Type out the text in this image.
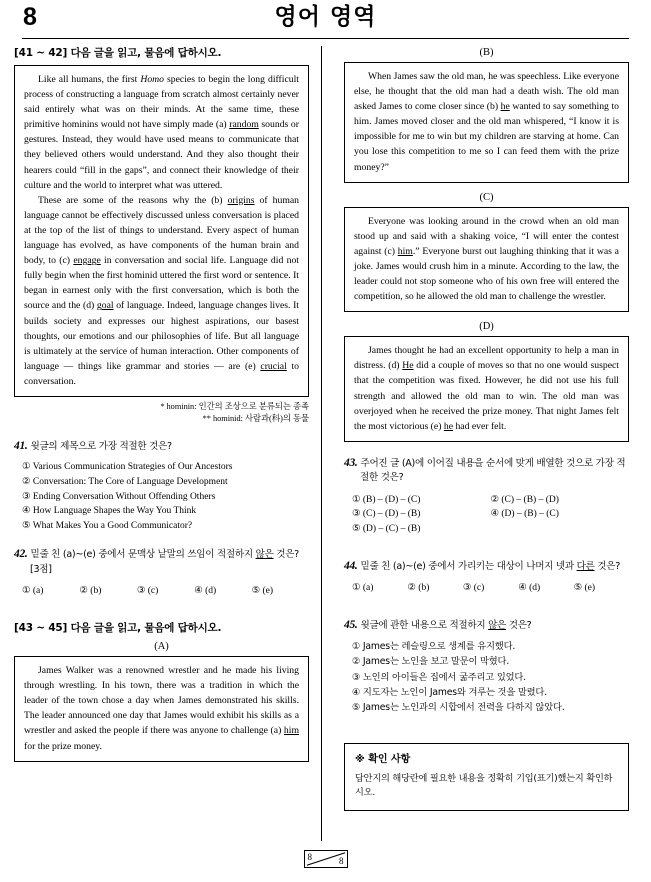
8	영어 영역
[41 ~ 42] 다음 글을 읽고, 물음에 답하시오.

Like all humans, the first Homo species to begin the long difficult process of constructing a language from scratch almost certainly never said entirely what was on their minds. At the same time, these primitive hominins would not have simply made (a) random sounds or gestures. Instead, they would have used means to communicate that they believed others would understand. And they also thought their hearers could “fill in the gaps”, and connect their knowledge of their culture and the world to interpret what was uttered.

These are some of the reasons why the (b) origins of human language cannot be effectively discussed unless conversation is placed at the top of the list of things to understand. Every aspect of human language has evolved, as have components of the human brain and body, to (c) engage in conversation and social life. Language did not fully begin when the first hominid uttered the first word or sentence. It began in earnest only with the first conversation, which is both the source and the (d) goal of language. Indeed, language changes lives. It builds society and expresses our highest aspirations, our basest thoughts, our emotions and our philosophies of life. But all language is ultimately at the service of human interaction. Other components of language — things like grammar and stories — are (e) crucial to conversation.

* hominin: 인간의 조상으로 분류되는 종족
** hominid: 사람과(科)의 동물
41. 윗글의 제목으로 가장 적절한 것은?
① Various Communication Strategies of Our Ancestors
② Conversation: The Core of Language Development
③ Ending Conversation Without Offending Others
④ How Language Shapes the Way You Think
⑤ What Makes You a Good Communicator?
42. 밑줄 친 (a)~(e) 중에서 문맥상 낱말의 쓰임이 적절하지 않은 것은? [3점]
① (a)	② (b)	③ (c)	④ (d)	⑤ (e)
[43 ~ 45] 다음 글을 읽고, 물음에 답하시오.
(A)

James Walker was a renowned wrestler and he made his living through wrestling. In his town, there was a tradition in which the leader of the town chose a day when James demonstrated his skills. The leader announced one day that James would exhibit his skills as a wrestler and asked the people if there was anyone to challenge (a) him for the prize money.

(B)

When James saw the old man, he was speechless. Like everyone else, he thought that the old man had a death wish. The old man asked James to come closer since (b) he wanted to say something to him. James moved closer and the old man whispered, “I know it is impossible for me to win but my children are starving at home. Can you lose this competition to me so I can feed them with the prize money?”

(C)

Everyone was looking around in the crowd when an old man stood up and said with a shaking voice, “I will enter the contest against (c) him.” Everyone burst out laughing thinking that it was a joke. James would crush him in a minute. According to the law, the leader could not stop someone who of his own free will entered the competition, so he allowed the old man to challenge the wrestler.

(D)

James thought he had an excellent opportunity to help a man in distress. (d) He did a couple of moves so that no one would suspect that the competition was fixed. However, he did not use his full strength and allowed the old man to win. The old man was overjoyed when he received the prize money. That night James felt the most victorious (e) he had ever felt.

43. 주어진 글 (A)에 이어질 내용을 순서에 맞게 배열한 것으로 가장 적절한 것은?
① (B) – (D) – (C)	② (C) – (B) – (D)
③ (C) – (D) – (B)	④ (D) – (B) – (C)
⑤ (D) – (C) – (B)
44. 밑줄 친 (a)~(e) 중에서 가리키는 대상이 나머지 넷과 다른 것은?
① (a)	② (b)	③ (c)	④ (d)	⑤ (e)
45. 윗글에 관한 내용으로 적절하지 않은 것은?
① James는 레슬링으로 생계를 유지했다.
② James는 노인을 보고 말문이 막혔다.
③ 노인의 아이들은 집에서 굶주리고 있었다.
④ 지도자는 노인이 James와 겨루는 것을 말렸다.
⑤ James는 노인과의 시합에서 전력을 다하지 않았다.
※ 확인 사항
답안지의 해당란에 필요한 내용을 정확히 기입(표기)했는지 확인하시오.
8	8
